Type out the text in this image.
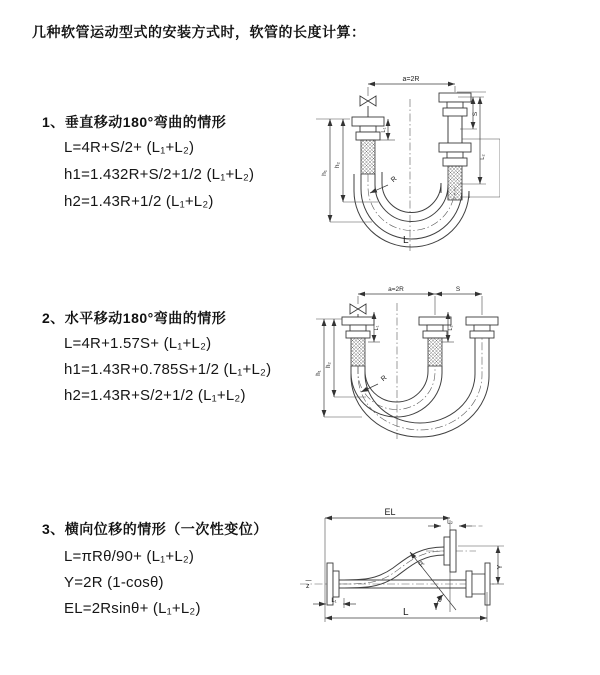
几种软管运动型式的安装方式时，软管的长度计算：
1、垂直移动180°弯曲的情形
L=4R+S/2+ (L₁+L₂)
h1=1.432R+S/2+1/2 (L₁+L₂)
h2=1.43R+1/2 (L₁+L₂)
a=2R
h₁
h₂
L₁
S
L₂
R
L
2、水平移动180°弯曲的情形
L=4R+1.57S+ (L₁+L₂)
h1=1.43R+0.785S+1/2 (L₁+L₂)
h2=1.43R+S/2+1/2 (L₁+L₂)
a=2R	S
h₁
h₂
L₁	L₂
R
3、横向位移的情形（一次性变位）
L=πRθ/90+ (L₁+L₂)
Y=2R (1-cosθ)
EL=2Rsinθ+ (L₁+L₂)
EL
L₂
z
Y
R
θ
L₁
L
